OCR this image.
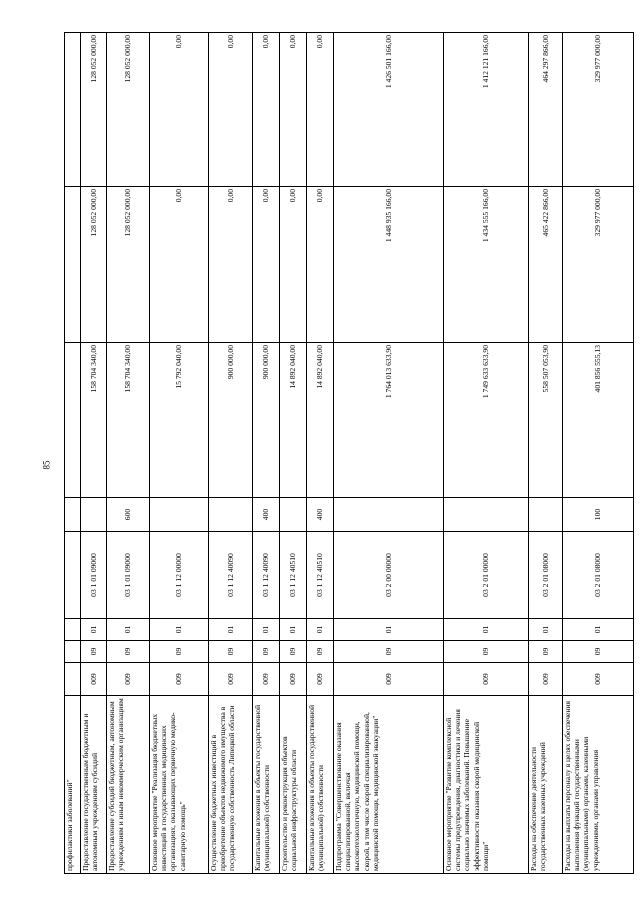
85
профилактики заболеваний"								
Предоставление государственным бюджетным и автономным учреждениям субсидий	009	09	01	03 1 01 09000		158 704 340,00	128 052 000,00	128 052 000,00
Предоставление субсидий бюджетным, автономным учреждениям и иным некоммерческим организациям	009	09	01	03 1 01 09000	600	158 704 340,00	128 052 000,00	128 052 000,00
Основное мероприятие "Реализация бюджетных инвестиций в государственных медицинских организациях, оказывающих первичную медико-санитарную помощь"	009	09	01	03 1 12 00000		15 792 040,00	0,00	0,00
Осуществление бюджетных инвестиций в приобретение объектов недвижимого имущества в государственную собственность Липецкой области	009	09	01	03 1 12 40090		900 000,00	0,00	0,00
Капитальные вложения в объекты государственной (муниципальной) собственности	009	09	01	03 1 12 40090	400	900 000,00	0,00	0,00
Строительство и реконструкция объектов социальной инфраструктуры области	009	09	01	03 1 12 40510		14 892 040,00	0,00	0,00
Капитальные вложения в объекты государственной (муниципальной) собственности	009	09	01	03 1 12 40510	400	14 892 040,00	0,00	0,00
Подпрограмма "Совершенствование оказания специализированной, включая высокотехнологичную, медицинской помощи, скорой, в том числе скорой специализированной, медицинской помощи, медицинской эвакуации"	009	09	01	03 2 00 00000		1 764 013 633,90	1 448 935 166,00	1 426 501 166,00
Основное мероприятие "Развитие комплексной системы предупреждения, диагностики и лечения социально значимых заболеваний. Повышение эффективности оказания скорой медицинской помощи"	009	09	01	03 2 01 00000		1 749 633 633,90	1 434 555 166,00	1 412 121 166,00
Расходы на обеспечение деятельности государственных казенных учреждений	009	09	01	03 2 01 08000		558 507 053,90	465 422 866,00	464 297 866,00
Расходы на выплаты персоналу в целях обеспечения выполнения функций государственными (муниципальными) органами, казенными учреждениями, органами управления	009	09	01	03 2 01 08000	100	401 856 555,13	329 977 000,00	329 977 000,00
